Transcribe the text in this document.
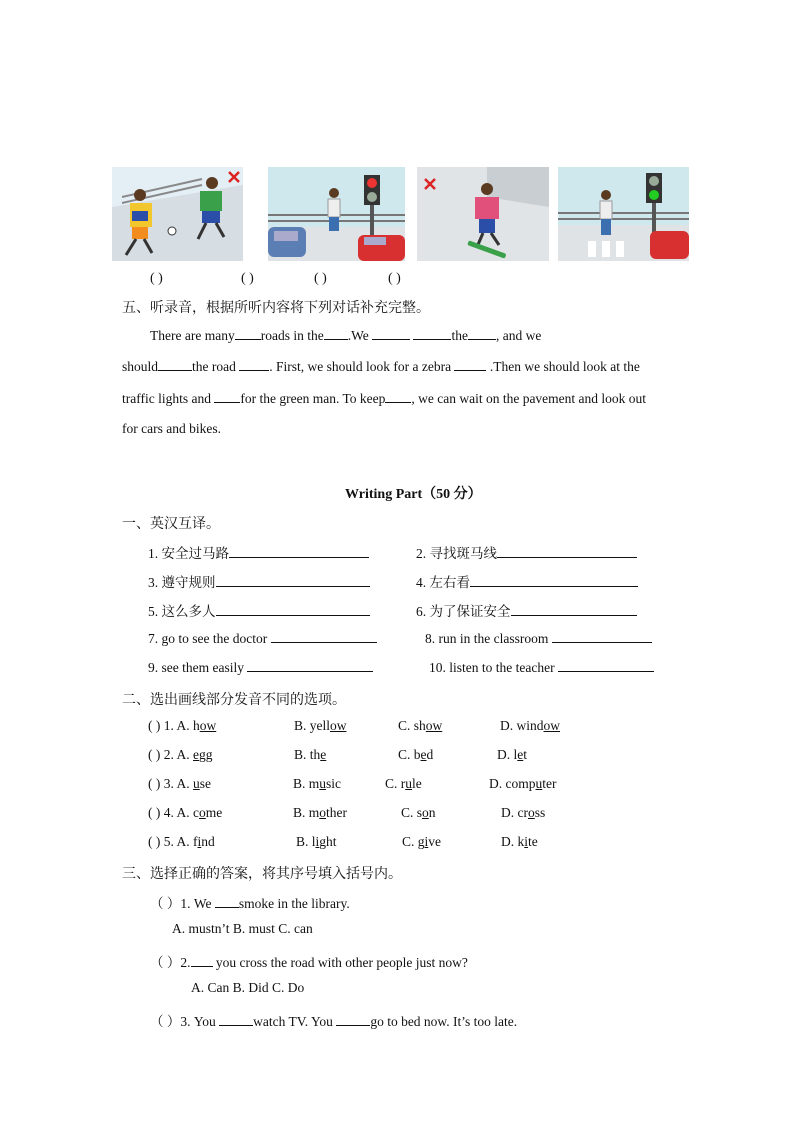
( )	( )	( )	( )
五、听录音，根据所听内容将下列对话补充完整。
There are many roads in the .We	the , and we
should	the road . First, we should look for a zebra	.Then we should look at the
traffic lights and for the green man. To keep , we can wait on the pavement and look out
for cars and bikes.
Writing Part（50 分）
一、英汉互译。
1. 安全过马路	2. 寻找斑马线
3. 遵守规则	4. 左右看
5. 这么多人	6. 为了保证安全
7. go to see the doctor	8. run in the classroom
9. see them easily	10. listen to the teacher
二、选出画线部分发音不同的选项。
( ) 1. A. how	B. yellow	C. show	D. window
( ) 2. A. egg	B. the	C. bed	D. let
( ) 3. A. use	B. music	C. rule	D. computer
( ) 4. A. come	B. mother	C. son	D. cross
( ) 5. A. find	B. light	C. give	D. kite
三、选择正确的答案，将其序号填入括号内。
（ ）1. We smoke in the library.
A. mustn’t B. must C. can
（ ）2. you cross the road with other people just now?
A. Can B. Did C. Do
（ ）3. You	watch TV. You	go to bed now. It’s too late.
